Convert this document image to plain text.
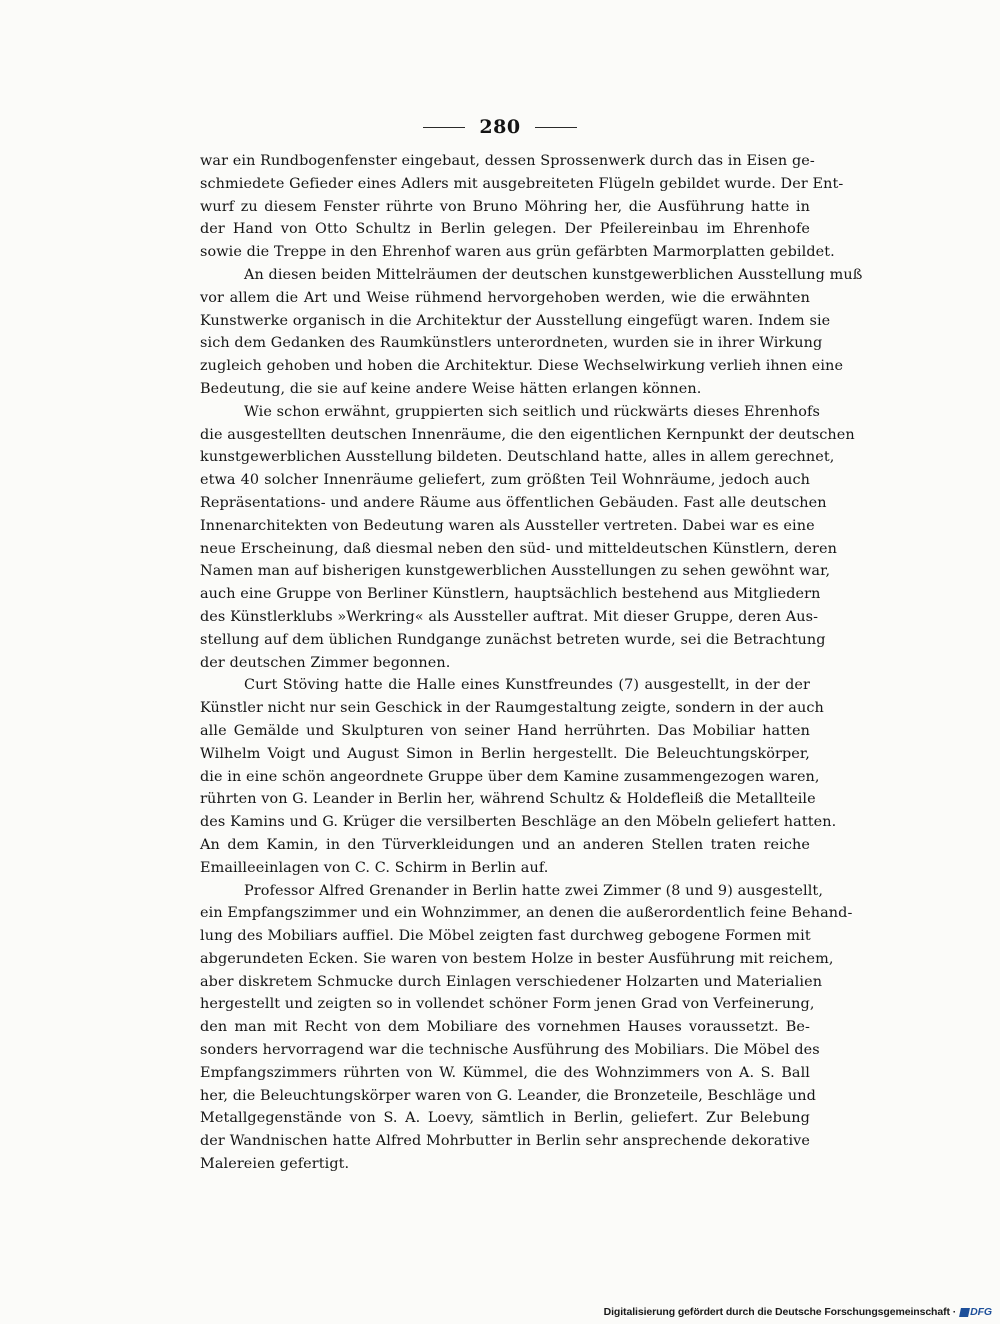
280
war ein Rundbogenfenster eingebaut, dessen Sprossenwerk durch das in Eisen ge-
schmiedete Gefieder eines Adlers mit ausgebreiteten Flügeln gebildet wurde. Der Ent-
wurf zu diesem Fenster rührte von Bruno Möhring her, die Ausführung hatte in
der Hand von Otto Schultz in Berlin gelegen. Der Pfeilereinbau im Ehrenhofe
sowie die Treppe in den Ehrenhof waren aus grün gefärbten Marmorplatten gebildet.
An diesen beiden Mittelräumen der deutschen kunstgewerblichen Ausstellung muß
vor allem die Art und Weise rühmend hervorgehoben werden, wie die erwähnten
Kunstwerke organisch in die Architektur der Ausstellung eingefügt waren. Indem sie
sich dem Gedanken des Raumkünstlers unterordneten, wurden sie in ihrer Wirkung
zugleich gehoben und hoben die Architektur. Diese Wechselwirkung verlieh ihnen eine
Bedeutung, die sie auf keine andere Weise hätten erlangen können.
Wie schon erwähnt, gruppierten sich seitlich und rückwärts dieses Ehrenhofs
die ausgestellten deutschen Innenräume, die den eigentlichen Kernpunkt der deutschen
kunstgewerblichen Ausstellung bildeten. Deutschland hatte, alles in allem gerechnet,
etwa 40 solcher Innenräume geliefert, zum größten Teil Wohnräume, jedoch auch
Repräsentations- und andere Räume aus öffentlichen Gebäuden. Fast alle deutschen
Innenarchitekten von Bedeutung waren als Aussteller vertreten. Dabei war es eine
neue Erscheinung, daß diesmal neben den süd- und mitteldeutschen Künstlern, deren
Namen man auf bisherigen kunstgewerblichen Ausstellungen zu sehen gewöhnt war,
auch eine Gruppe von Berliner Künstlern, hauptsächlich bestehend aus Mitgliedern
des Künstlerklubs »Werkring« als Aussteller auftrat. Mit dieser Gruppe, deren Aus-
stellung auf dem üblichen Rundgange zunächst betreten wurde, sei die Betrachtung
der deutschen Zimmer begonnen.
Curt Stöving hatte die Halle eines Kunstfreundes (7) ausgestellt, in der der
Künstler nicht nur sein Geschick in der Raumgestaltung zeigte, sondern in der auch
alle Gemälde und Skulpturen von seiner Hand herrührten. Das Mobiliar hatten
Wilhelm Voigt und August Simon in Berlin hergestellt. Die Beleuchtungskörper,
die in eine schön angeordnete Gruppe über dem Kamine zusammengezogen waren,
rührten von G. Leander in Berlin her, während Schultz & Holdefleiß die Metallteile
des Kamins und G. Krüger die versilberten Beschläge an den Möbeln geliefert hatten.
An dem Kamin, in den Türverkleidungen und an anderen Stellen traten reiche
Emailleeinlagen von C. C. Schirm in Berlin auf.
Professor Alfred Grenander in Berlin hatte zwei Zimmer (8 und 9) ausgestellt,
ein Empfangszimmer und ein Wohnzimmer, an denen die außerordentlich feine Behand-
lung des Mobiliars auffiel. Die Möbel zeigten fast durchweg gebogene Formen mit
abgerundeten Ecken. Sie waren von bestem Holze in bester Ausführung mit reichem,
aber diskretem Schmucke durch Einlagen verschiedener Holzarten und Materialien
hergestellt und zeigten so in vollendet schöner Form jenen Grad von Verfeinerung,
den man mit Recht von dem Mobiliare des vornehmen Hauses voraussetzt. Be-
sonders hervorragend war die technische Ausführung des Mobiliars. Die Möbel des
Empfangszimmers rührten von W. Kümmel, die des Wohnzimmers von A. S. Ball
her, die Beleuchtungskörper waren von G. Leander, die Bronzeteile, Beschläge und
Metallgegenstände von S. A. Loevy, sämtlich in Berlin, geliefert. Zur Belebung
der Wandnischen hatte Alfred Mohrbutter in Berlin sehr ansprechende dekorative
Malereien gefertigt.
Digitalisierung gefördert durch die Deutsche Forschungsgemeinschaft · DFG
